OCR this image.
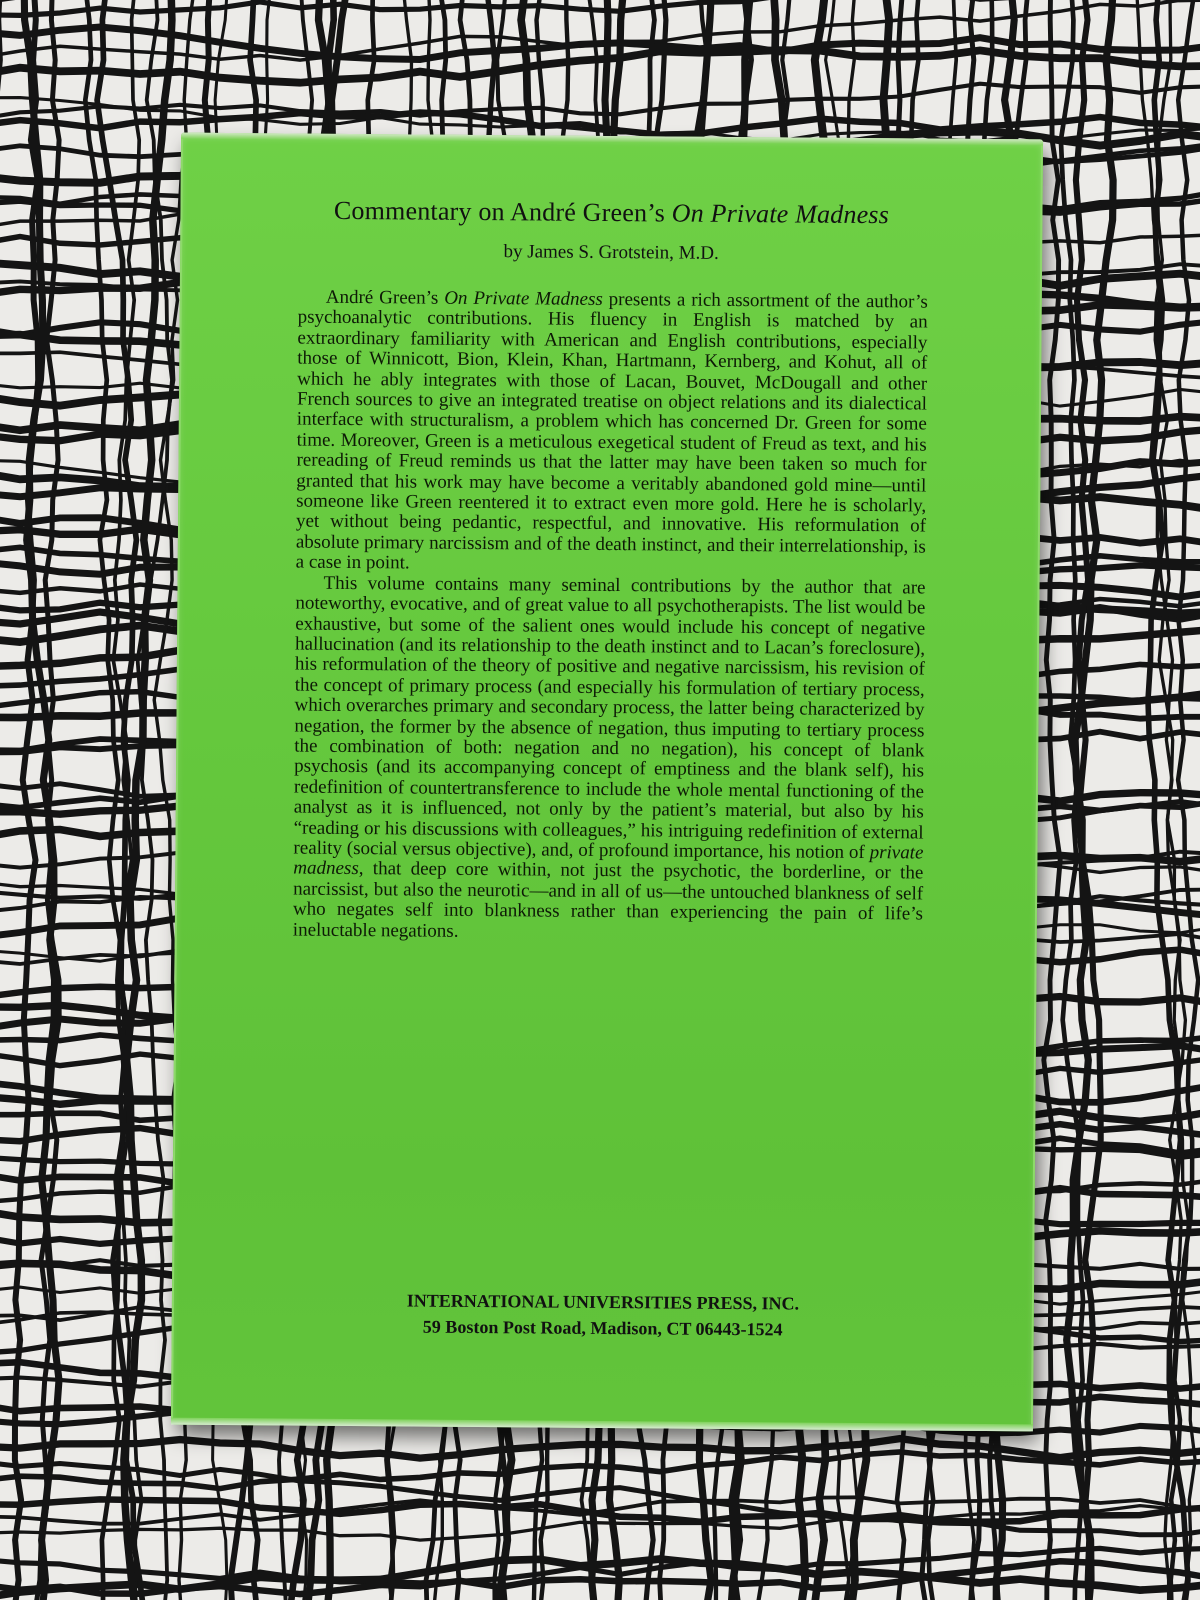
Commentary on André Green’s On Private Madness
by James S. Grotstein, M.D.

André Green’s On Private Madness presents a rich assortment of the author’s psychoanalytic contributions. His fluency in English is matched by an extraordinary familiarity with American and English contributions, especially those of Winnicott, Bion, Klein, Khan, Hartmann, Kernberg, and Kohut, all of which he ably integrates with those of Lacan, Bouvet, McDougall and other French sources to give an integrated treatise on object relations and its dialectical interface with structuralism, a problem which has concerned Dr. Green for some time. Moreover, Green is a meticulous exegetical student of Freud as text, and his rereading of Freud reminds us that the latter may have been taken so much for granted that his work may have become a veritably abandoned gold mine—until someone like Green reentered it to extract even more gold. Here he is scholarly, yet without being pedantic, respectful, and innovative. His reformulation of absolute primary narcissism and of the death instinct, and their interrelationship, is a case in point.

This volume contains many seminal contributions by the author that are noteworthy, evocative, and of great value to all psychotherapists. The list would be exhaustive, but some of the salient ones would include his concept of negative hallucination (and its relationship to the death instinct and to Lacan’s foreclosure), his reformulation of the theory of positive and negative narcissism, his revision of the concept of primary process (and especially his formulation of tertiary process, which overarches primary and secondary process, the latter being characterized by negation, the former by the absence of negation, thus imputing to tertiary process the combination of both: negation and no negation), his concept of blank psychosis (and its accompanying concept of emptiness and the blank self), his redefinition of countertransference to include the whole mental functioning of the analyst as it is influenced, not only by the patient’s material, but also by his “reading or his discussions with colleagues,” his intriguing redefinition of external reality (social versus objective), and, of profound importance, his notion of private madness, that deep core within, not just the psychotic, the borderline, or the narcissist, but also the neurotic—and in all of us—the untouched blankness of self who negates self into blankness rather than experiencing the pain of life’s ineluctable negations.

INTERNATIONAL UNIVERSITIES PRESS, INC.
59 Boston Post Road, Madison, CT 06443-1524
